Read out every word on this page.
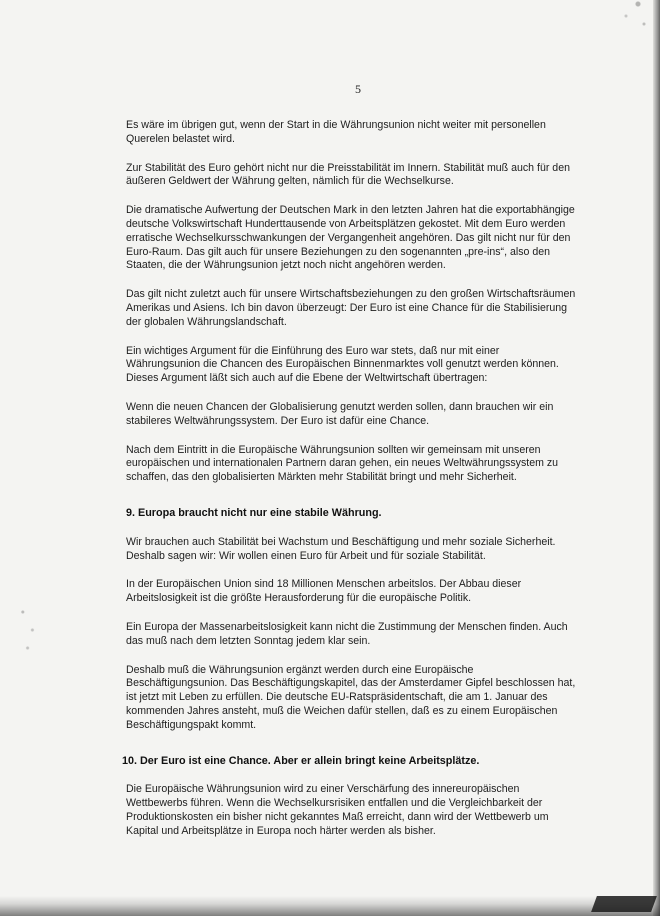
5

Es wäre im übrigen gut, wenn der Start in die Währungsunion nicht weiter mit personellen Querelen belastet wird.

Zur Stabilität des Euro gehört nicht nur die Preisstabilität im Innern. Stabilität muß auch für den äußeren Geldwert der Währung gelten, nämlich für die Wechselkurse.

Die dramatische Aufwertung der Deutschen Mark in den letzten Jahren hat die exportabhängige deutsche Volkswirtschaft Hunderttausende von Arbeitsplätzen gekostet. Mit dem Euro werden erratische Wechselkursschwankungen der Vergangenheit angehören. Das gilt nicht nur für den Euro-Raum. Das gilt auch für unsere Beziehungen zu den sogenannten „pre-ins“, also den Staaten, die der Währungsunion jetzt noch nicht angehören werden.

Das gilt nicht zuletzt auch für unsere Wirtschaftsbeziehungen zu den großen Wirtschaftsräumen Amerikas und Asiens. Ich bin davon überzeugt: Der Euro ist eine Chance für die Stabilisierung der globalen Währungslandschaft.

Ein wichtiges Argument für die Einführung des Euro war stets, daß nur mit einer Währungsunion die Chancen des Europäischen Binnenmarktes voll genutzt werden können. Dieses Argument läßt sich auch auf die Ebene der Weltwirtschaft übertragen:

Wenn die neuen Chancen der Globalisierung genutzt werden sollen, dann brauchen wir ein stabileres Weltwährungssystem. Der Euro ist dafür eine Chance.

Nach dem Eintritt in die Europäische Währungsunion sollten wir gemeinsam mit unseren europäischen und internationalen Partnern daran gehen, ein neues Weltwährungssystem zu schaffen, das den globalisierten Märkten mehr Stabilität bringt und mehr Sicherheit.

9. Europa braucht nicht nur eine stabile Währung.

Wir brauchen auch Stabilität bei Wachstum und Beschäftigung und mehr soziale Sicherheit. Deshalb sagen wir: Wir wollen einen Euro für Arbeit und für soziale Stabilität.

In der Europäischen Union sind 18 Millionen Menschen arbeitslos. Der Abbau dieser Arbeitslosigkeit ist die größte Herausforderung für die europäische Politik.

Ein Europa der Massenarbeitslosigkeit kann nicht die Zustimmung der Menschen finden. Auch das muß nach dem letzten Sonntag jedem klar sein.

Deshalb muß die Währungsunion ergänzt werden durch eine Europäische Beschäftigungsunion. Das Beschäftigungskapitel, das der Amsterdamer Gipfel beschlossen hat, ist jetzt mit Leben zu erfüllen. Die deutsche EU-Ratspräsidentschaft, die am 1. Januar des kommenden Jahres ansteht, muß die Weichen dafür stellen, daß es zu einem Europäischen Beschäftigungspakt kommt.

10. Der Euro ist eine Chance. Aber er allein bringt keine Arbeitsplätze.

Die Europäische Währungsunion wird zu einer Verschärfung des innereuropäischen Wettbewerbs führen. Wenn die Wechselkursrisiken entfallen und die Vergleichbarkeit der Produktionskosten ein bisher nicht gekanntes Maß erreicht, dann wird der Wettbewerb um Kapital und Arbeitsplätze in Europa noch härter werden als bisher.
